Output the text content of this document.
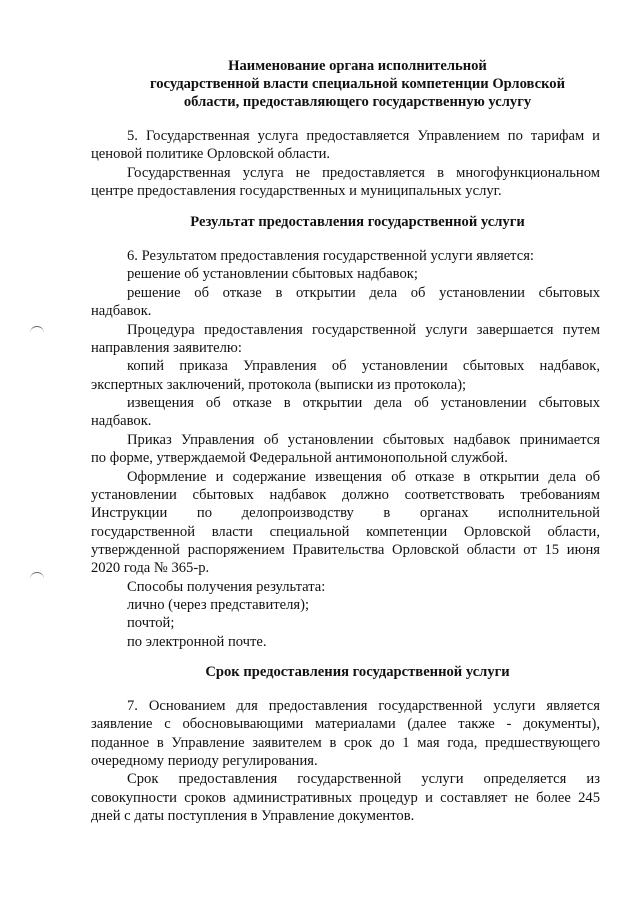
Наименование органа исполнительной

государственной власти специальной компетенции Орловской

области, предоставляющего государственную услугу

5. Государственная услуга предоставляется Управлением по тарифам и

ценовой политике Орловской области.

Государственная услуга не предоставляется в многофункциональном

центре предоставления государственных и муниципальных услуг.

Результат предоставления государственной услуги

6. Результатом предоставления государственной услуги является:

решение об установлении сбытовых надбавок;

решение об отказе в открытии дела об установлении сбытовых

надбавок.

Процедура предоставления государственной услуги завершается путем

направления заявителю:

копий приказа Управления об установлении сбытовых надбавок,

экспертных заключений, протокола (выписки из протокола);

извещения об отказе в открытии дела об установлении сбытовых

надбавок.

Приказ Управления об установлении сбытовых надбавок принимается

по форме, утверждаемой Федеральной антимонопольной службой.

Оформление и содержание извещения об отказе в открытии дела об

установлении сбытовых надбавок должно соответствовать требованиям

Инструкции по делопроизводству в органах исполнительной

государственной власти специальной компетенции Орловской области,

утвержденной распоряжением Правительства Орловской области от 15 июня

2020 года № 365-р.

Способы получения результата:

лично (через представителя);

почтой;

по электронной почте.

Срок предоставления государственной услуги

7. Основанием для предоставления государственной услуги является

заявление с обосновывающими материалами (далее также - документы),

поданное в Управление заявителем в срок до 1 мая года, предшествующего

очередному периоду регулирования.

Срок предоставления государственной услуги определяется из

совокупности сроков административных процедур и составляет не более 245

дней с даты поступления в Управление документов.
